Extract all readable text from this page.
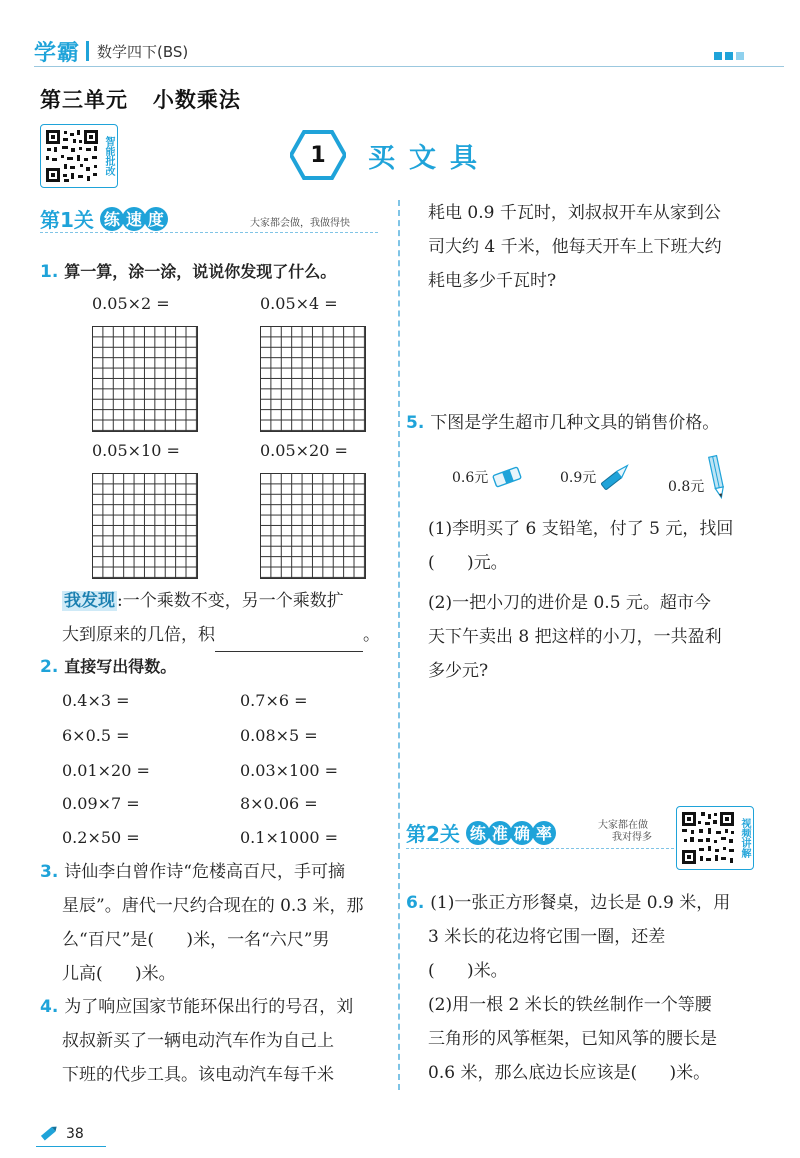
学霸 数学四下(BS)
第三单元   小数乘法
智能批改	1	买文具
第1关 练 速 度	大家都会做，我做得快
1. 算一算，涂一涂，说说你发现了什么。
0.05×2 =	0.05×4 =
0.05×10 =	0.05×20 =
我发现 :一个乘数不变，另一个乘数扩
大到原来的几倍，积	。
2. 直接写出得数。
0.4×3 =	0.7×6 =
6×0.5 =	0.08×5 =
0.01×20 =	0.03×100 =
0.09×7 =	8×0.06 =
0.2×50 =	0.1×1000 =
3. 诗仙李白曾作诗“危楼高百尺，手可摘
星辰”。唐代一尺约合现在的 0.3 米，那
么“百尺”是(      )米，一名“六尺”男
儿高(      )米。
4. 为了响应国家节能环保出行的号召，刘
叔叔新买了一辆电动汽车作为自己上
下班的代步工具。该电动汽车每千米
耗电 0.9 千瓦时，刘叔叔开车从家到公
司大约 4 千米，他每天开车上下班大约
耗电多少千瓦时?
5. 下图是学生超市几种文具的销售价格。
0.6元	0.9元
0.8元
(1)李明买了 6 支铅笔，付了 5 元，找回
(      )元。
(2)一把小刀的进价是 0.5 元。超市今
天下午卖出 8 把这样的小刀，一共盈利
多少元?
第2关 练 准 确 率	大家都在做
我对得多	视频讲解
6. (1)一张正方形餐桌，边长是 0.9 米，用
3 米长的花边将它围一圈，还差
(      )米。
(2)用一根 2 米长的铁丝制作一个等腰
三角形的风筝框架，已知风筝的腰长是
0.6 米，那么底边长应该是(      )米。
38
